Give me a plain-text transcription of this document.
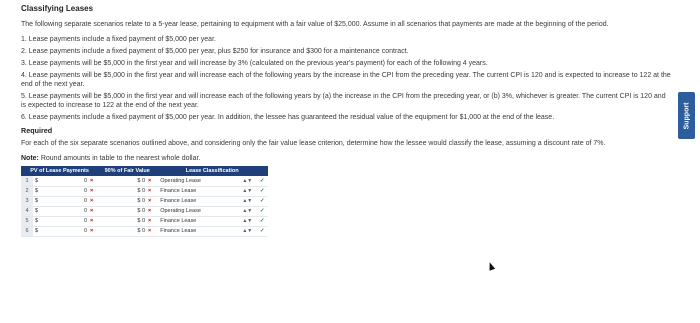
Classifying Leases
The following separate scenarios relate to a 5-year lease, pertaining to equipment with a fair value of $25,000. Assume in all scenarios that payments are made at the beginning of the period.
1. Lease payments include a fixed payment of $5,000 per year.
2. Lease payments include a fixed payment of $5,000 per year, plus $250 for insurance and $300 for a maintenance contract.
3. Lease payments will be $5,000 in the first year and will increase by 3% (calculated on the previous year's payment) for each of the following 4 years.
4. Lease payments will be $5,000 in the first year and will increase each of the following years by the increase in the CPI from the preceding year. The current CPI is 120 and is expected to increase to 122 at the end of the next year.
5. Lease payments will be $5,000 in the first year and will increase each of the following years by (a) the increase in the CPI from the preceding year, or (b) 3%, whichever is greater. The current CPI is 120 and is expected to increase to 122 at the end of the next year.
6. Lease payments include a fixed payment of $5,000 per year. In addition, the lessee has guaranteed the residual value of the equipment for $1,000 at the end of the lease.
Required
For each of the six separate scenarios outlined above, and considering only the fair value lease criterion, determine how the lessee would classify the lease, assuming a discount rate of 7%.
Note: Round amounts in table to the nearest whole dollar.
PV of Lease Payments		90% of Fair Value	Lease Classification	
1	$ 0 ×	$ 0 ×	Operating Lease ▲▼	✓
2	$ 0 ×	$ 0 ×	Finance Lease ▲▼	✓
3	$ 0 ×	$ 0 ×	Finance Lease ▲▼	✓
4	$ 0 ×	$ 0 ×	Operating Lease ▲▼	✓
5	$ 0 ×	$ 0 ×	Finance Lease ▲▼	✓
6	$ 0 ×	$ 0 ×	Finance Lease ▲▼	✓
Support
